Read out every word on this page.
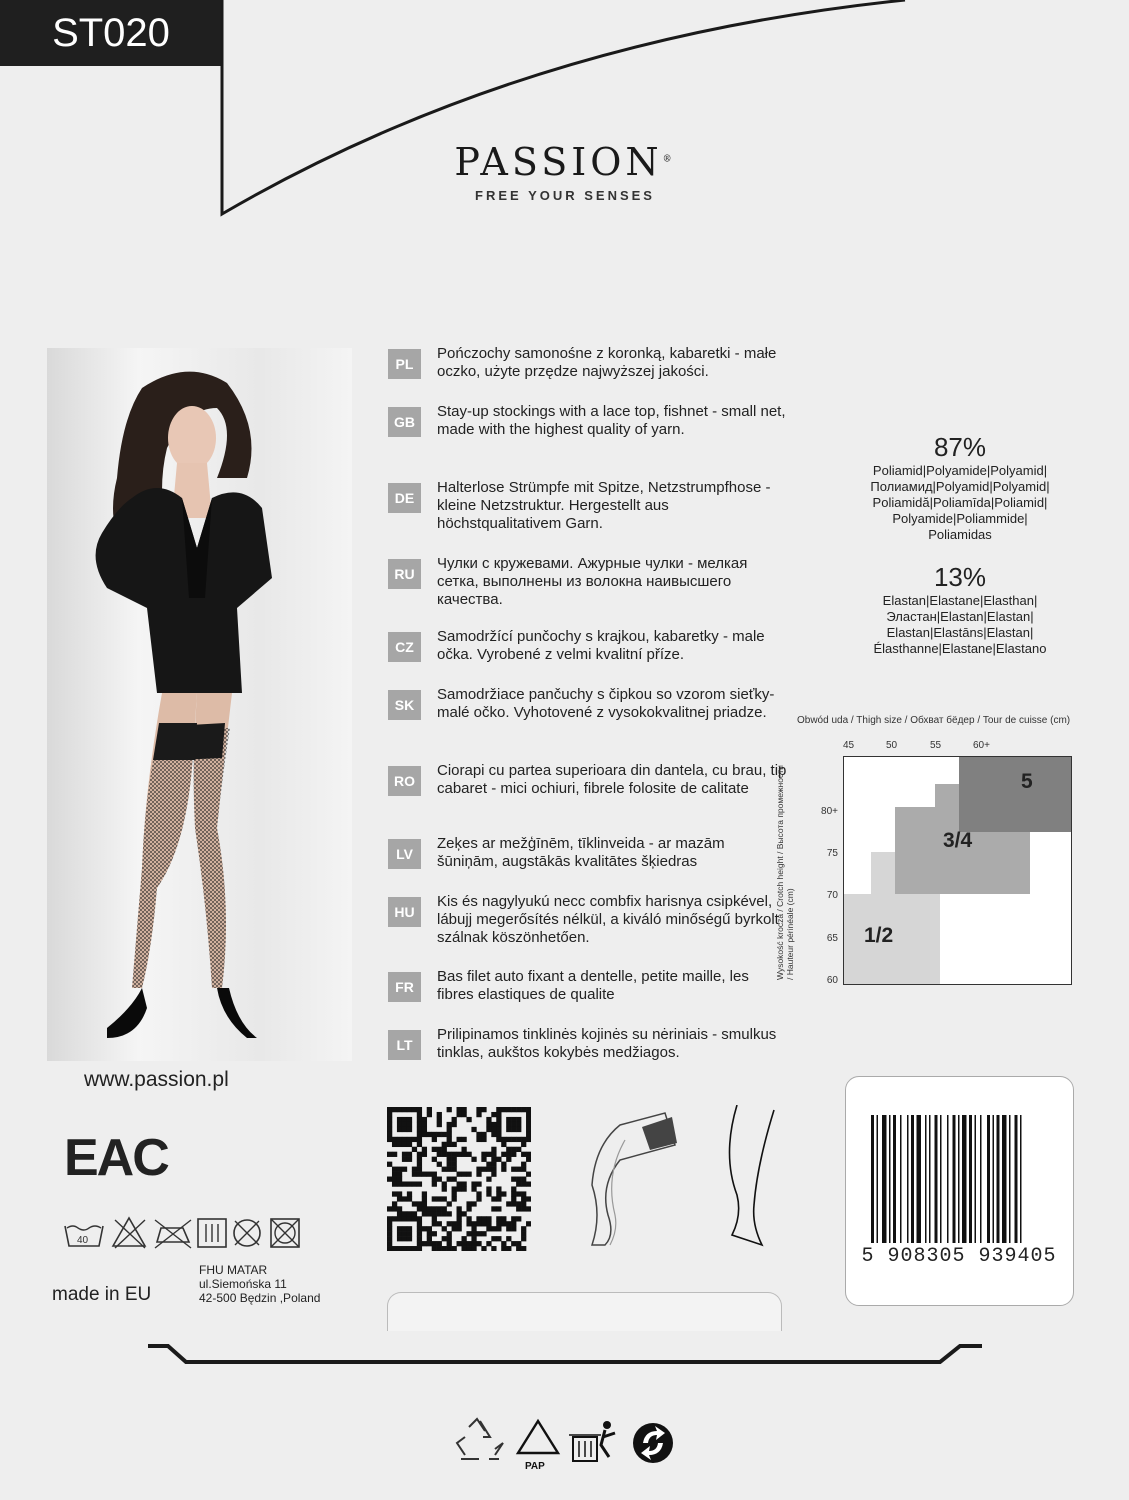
ST020
PASSION®
FREE YOUR SENSES
www.passion.pl
PL
Pończochy samonośne z koronką, kabaretki - małe oczko, użyte przędze najwyższej jakości.
GB
Stay-up stockings with a lace top, fishnet - small net, made with the highest quality of yarn.
DE
Halterlose Strümpfe mit Spitze, Netzstrumpfhose - kleine Netzstruktur. Hergestellt aus höchstqualitativem Garn.
RU
Чулки с кружевами. Ажурные чулки - мелкая сетка, выполнены из волокна наивысшего качества.
CZ
Samodržící punčochy s krajkou, kabaretky - male očka. Vyrobené z velmi kvalitní příze.
SK
Samodržiace pančuchy s čipkou so vzorom sieťky- malé očko. Vyhotovené z vysokokvalitnej priadze.
RO
Ciorapi cu partea superioara din dantela, cu brau, tip cabaret - mici ochiuri, fibrele folosite de calitate
LV
Zeķes ar mežģīnēm, tīklinveida - ar mazām šūniņām, augstākās kvalitātes šķiedras
HU
Kis és nagylyukú necc combfix harisnya csipkével, lábujj megerősítés nélkül, a kiváló minőségű byrkolt szálnak köszönhetően.
FR
Bas filet auto fixant a dentelle, petite maille, les fibres elastiques de qualite
LT
Prilipinamos tinklinės kojinės su nėriniais - smulkus tinklas, aukštos kokybės medžiagos.
87%
Poliamid|Polyamide|Polyamid|
Полиамид|Polyamid|Polyamid|
Poliamidă|Poliamīda|Poliamid|
Polyamide|Poliammide|
Poliamidas
13%
Elastan|Elastane|Elasthan|
Эластан|Elastan|Elastan|
Elastan|Elastāns|Elastan|
Élasthanne|Elastane|Elastano
Obwód uda / Thigh size / Обхват бёдер / Tour de cuisse (cm)
45	50	55	60+
80+
75
70
65
60
Wysokość krocza / Crotch height / Высота промежности / Hauteur périnéale (cm)	1/2
3/4
5
EAC
40
made in EU
FHU MATAR
ul.Siemońska 11
42-500 Będzin ,Poland
5 908305 939405
PAP
